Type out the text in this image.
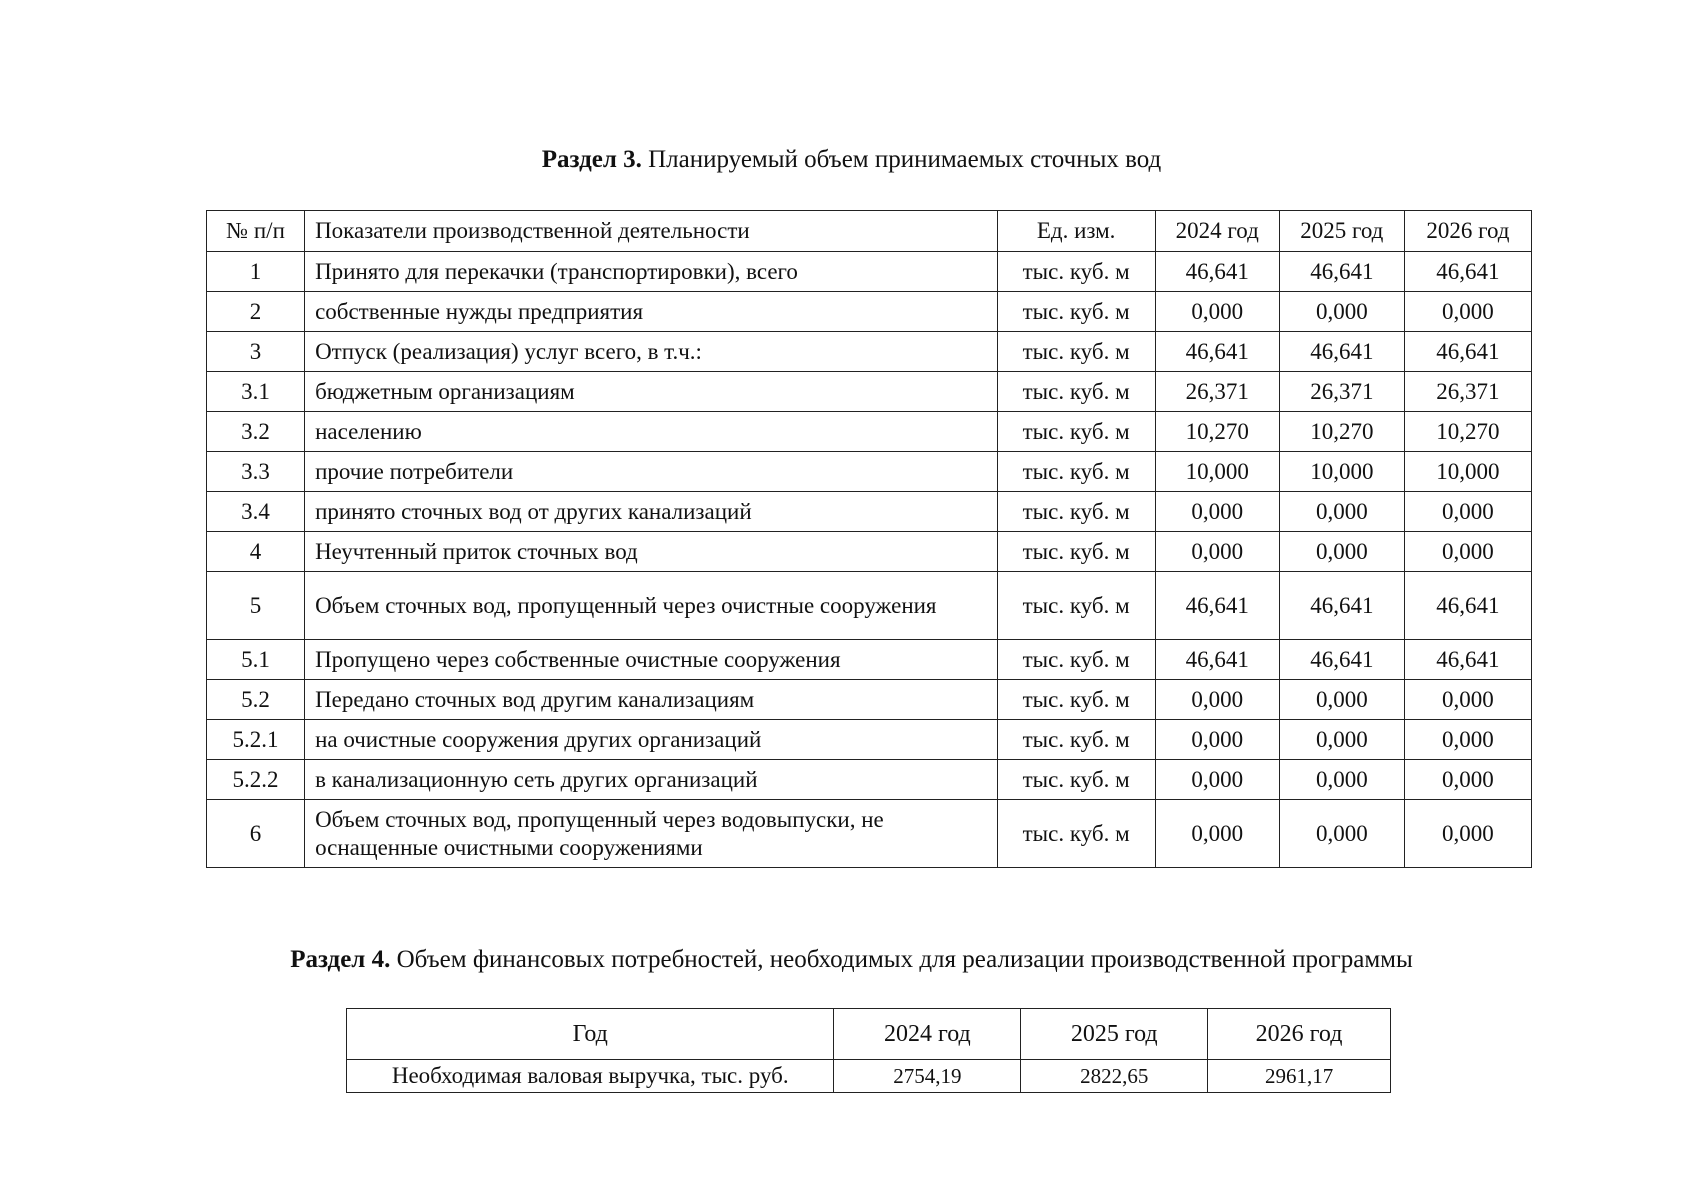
Раздел 3. Планируемый объем принимаемых сточных вод
№ п/п	Показатели производственной деятельности	Ед. изм.	2024 год	2025 год	2026 год
1	Принято для перекачки (транспортировки), всего	тыс. куб. м	46,641	46,641	46,641
2	собственные нужды предприятия	тыс. куб. м	0,000	0,000	0,000
3	Отпуск (реализация) услуг всего, в т.ч.:	тыс. куб. м	46,641	46,641	46,641
3.1	бюджетным организациям	тыс. куб. м	26,371	26,371	26,371
3.2	населению	тыс. куб. м	10,270	10,270	10,270
3.3	прочие потребители	тыс. куб. м	10,000	10,000	10,000
3.4	принято сточных вод от других канализаций	тыс. куб. м	0,000	0,000	0,000
4	Неучтенный приток сточных вод	тыс. куб. м	0,000	0,000	0,000
5	Объем сточных вод, пропущенный через очистные сооружения	тыс. куб. м	46,641	46,641	46,641
5.1	Пропущено через собственные очистные сооружения	тыс. куб. м	46,641	46,641	46,641
5.2	Передано сточных вод другим канализациям	тыс. куб. м	0,000	0,000	0,000
5.2.1	на очистные сооружения других организаций	тыс. куб. м	0,000	0,000	0,000
5.2.2	в канализационную сеть других организаций	тыс. куб. м	0,000	0,000	0,000
6	Объем сточных вод, пропущенный через водовыпуски, не оснащенные очистными сооружениями	тыс. куб. м	0,000	0,000	0,000
Раздел 4. Объем финансовых потребностей, необходимых для реализации производственной программы
Год	2024 год	2025 год	2026 год
Необходимая валовая выручка, тыс. руб.	2754,19	2822,65	2961,17
